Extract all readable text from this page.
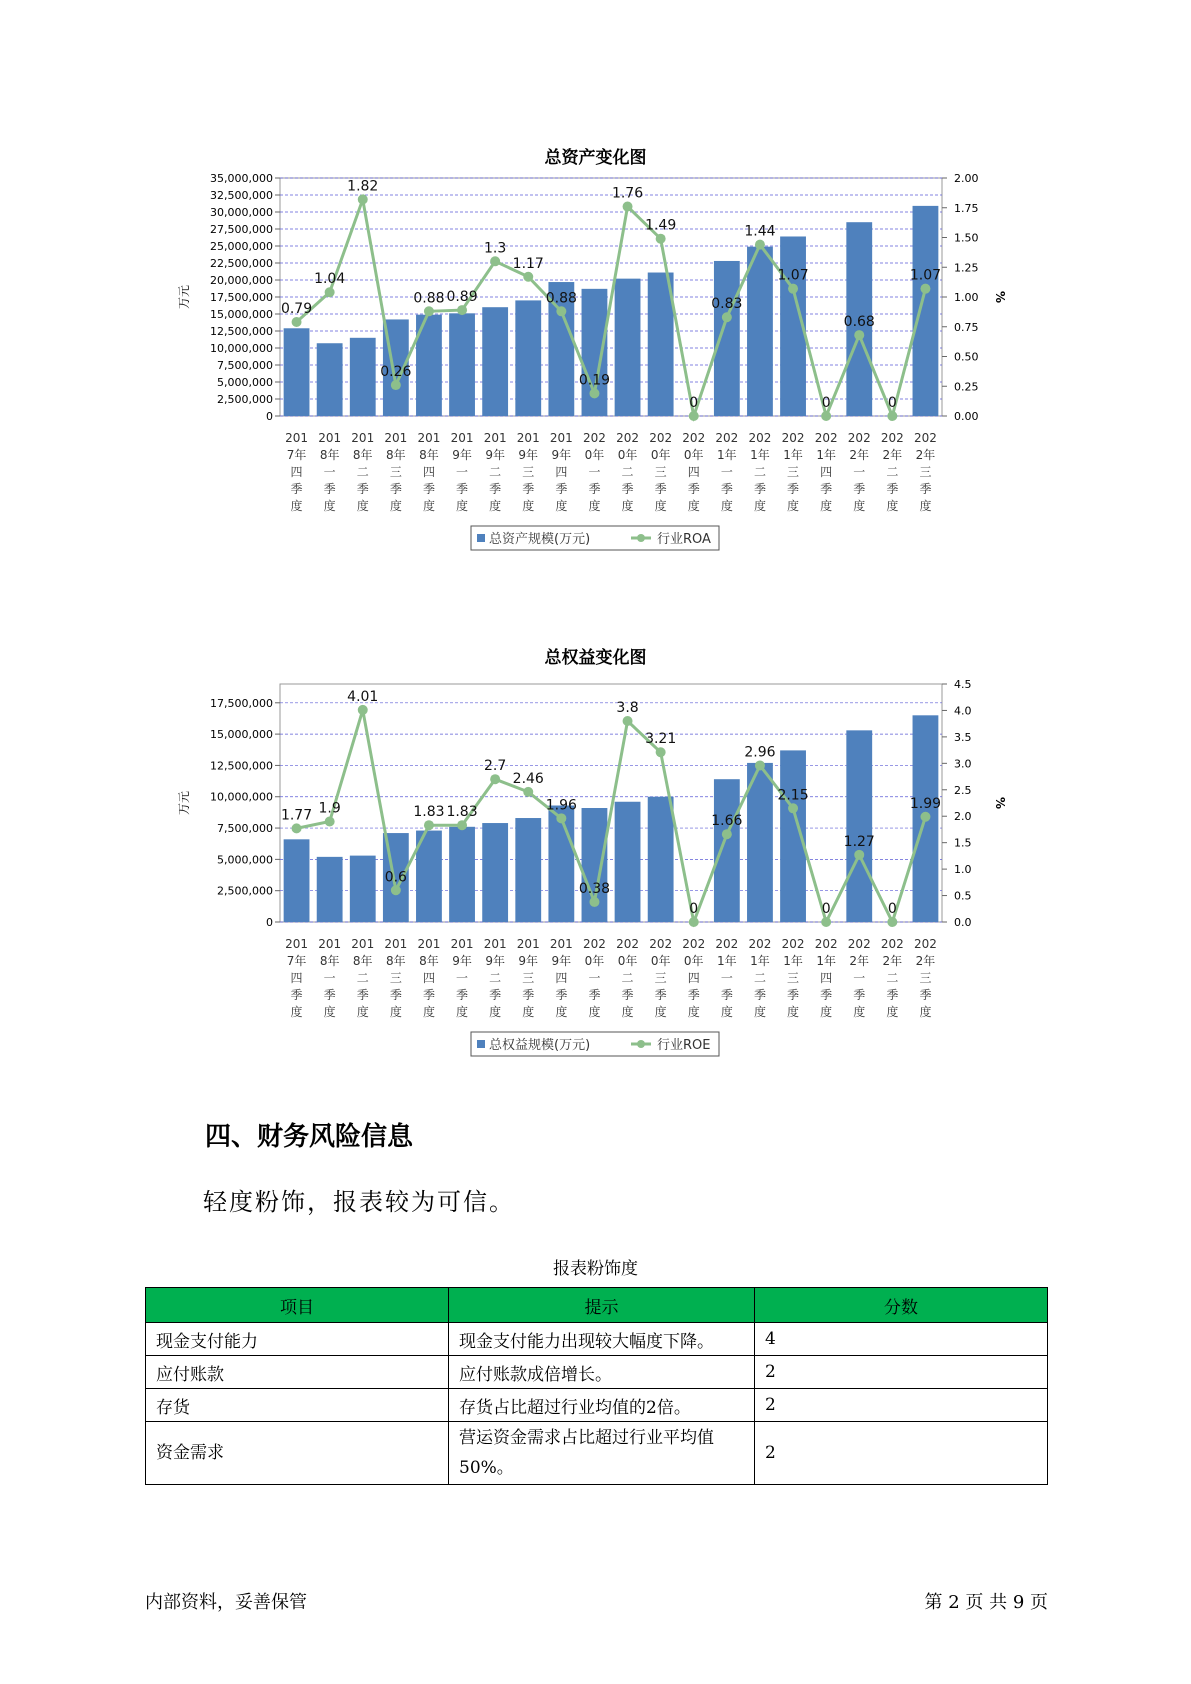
总资产变化图
0
2,500,000
5,000,000
7,500,000
10,000,000
12,500,000
15,000,000
17,500,000
20,000,000
22,500,000
25,000,000
27,500,000
30,000,000
32,500,000
35,000,000
0.00
0.25
0.50
0.75
1.00
1.25
1.50
1.75
2.00
万元	%
201
7年
四
季
度
201
8年
一
季
度
201
8年
二
季
度
201
8年
三
季
度
201
8年
四
季
度
201
9年
一
季
度
201
9年
二
季
度
201
9年
三
季
度
201
9年
四
季
度
202
0年
一
季
度
202
0年
二
季
度
202
0年
三
季
度
202
0年
四
季
度
202
1年
一
季
度
202
1年
二
季
度
202
1年
三
季
度
202
1年
四
季
度
202
2年
一
季
度
202
2年
二
季
度
202
2年
三
季
度
0.79
1.04
1.82
0.26
0.88 0.89
1.3
1.17
0.88
0.19
1.76
1.49
0
0.83
1.44
1.07
0
0.68
0
1.07
总资产规模(万元)	行业ROA
总权益变化图
0
2,500,000
5,000,000
7,500,000
10,000,000
12,500,000
15,000,000
17,500,000
0.0
0.5
1.0
1.5
2.0
2.5
3.0
3.5
4.0
4.5
万元	%
201
7年
四
季
度
201
8年
一
季
度
201
8年
二
季
度
201
8年
三
季
度
201
8年
四
季
度
201
9年
一
季
度
201
9年
二
季
度
201
9年
三
季
度
201
9年
四
季
度
202
0年
一
季
度
202
0年
二
季
度
202
0年
三
季
度
202
0年
四
季
度
202
1年
一
季
度
202
1年
二
季
度
202
1年
三
季
度
202
1年
四
季
度
202
2年
一
季
度
202
2年
二
季
度
202
2年
三
季
度
1.77 1.9
4.01
0.6
1.83 1.83
2.7
2.46
1.96
0.38
3.8
3.21
0
1.66
2.96
2.15
0
1.27
0
1.99
总权益规模(万元)	行业ROE
四、财务风险信息
轻度粉饰，报表较为可信。
报表粉饰度
项目	提示	分数
现金支付能力	现金支付能力出现较大幅度下降。	4
应付账款	应付账款成倍增长。	2
存货	存货占比超过行业均值的2倍。	2
资金需求	营运资金需求占比超过行业平均值50%。	2
内部资料，妥善保管	第 2 页 共 9 页
